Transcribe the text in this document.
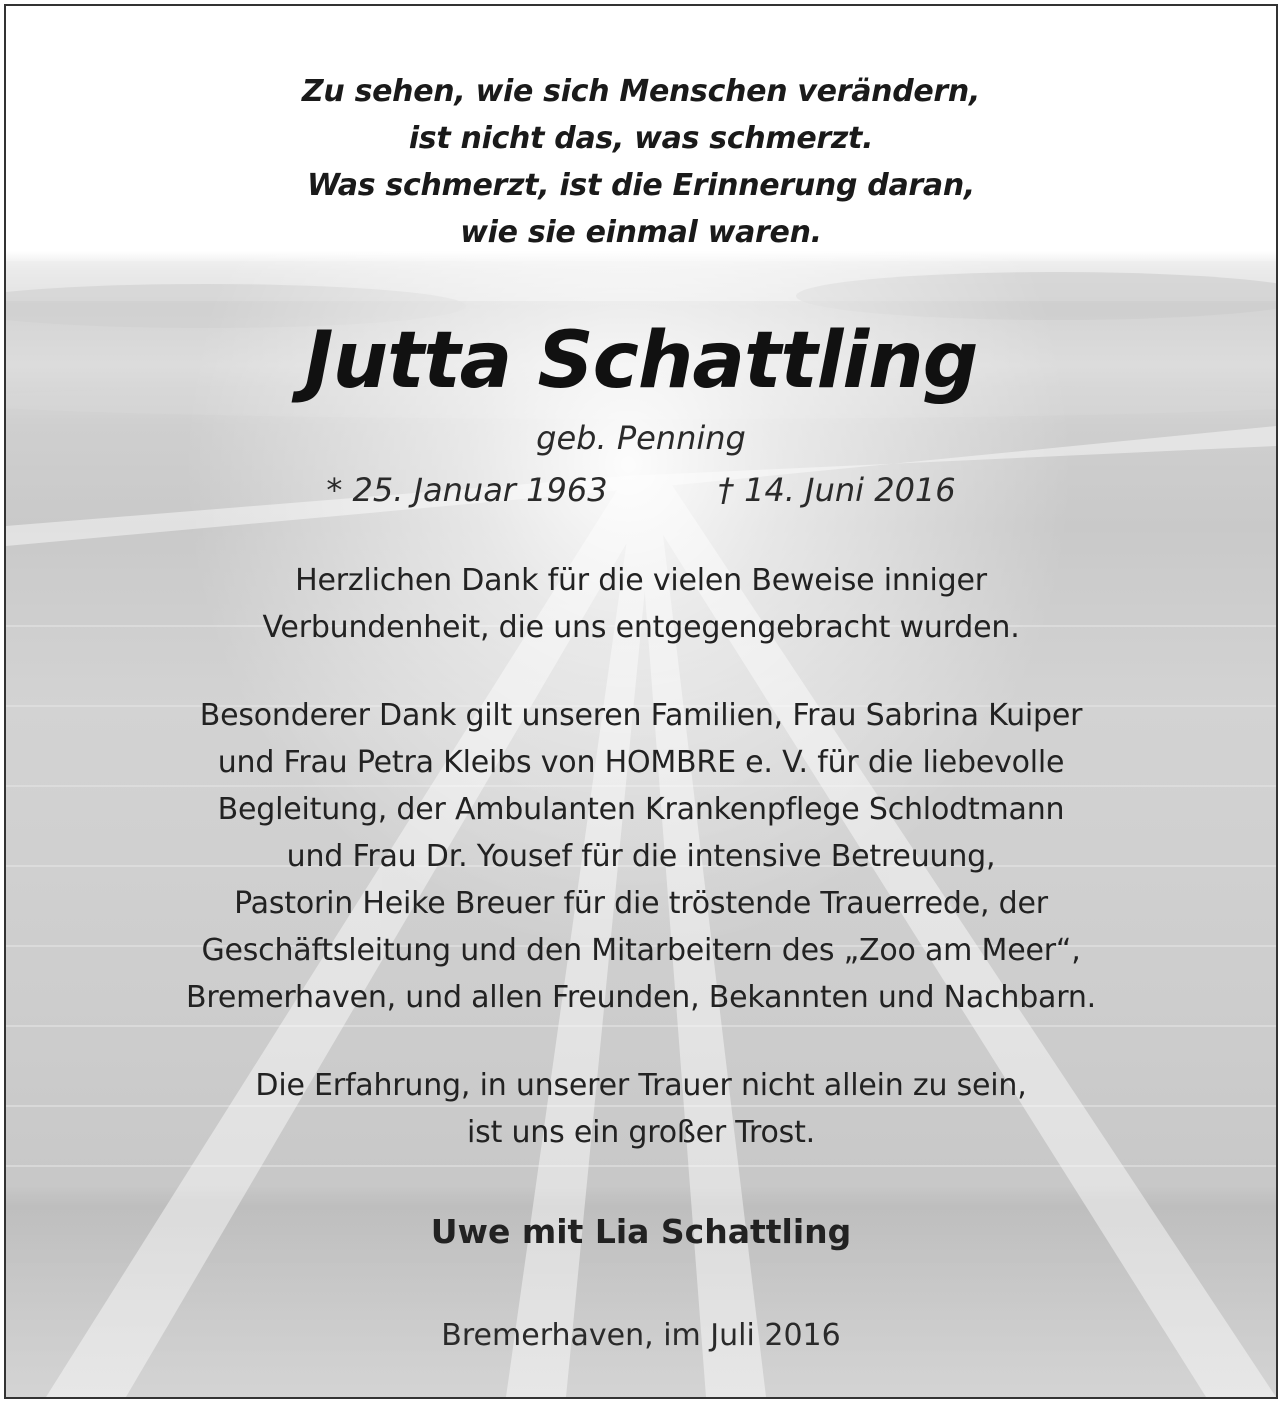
Zu sehen, wie sich Menschen verändern,
ist nicht das, was schmerzt.
Was schmerzt, ist die Erinnerung daran,
wie sie einmal waren.
Jutta Schattling
geb. Penning
* 25. Januar 1963	† 14. Juni 2016
Herzlichen Dank für die vielen Beweise inniger
Verbundenheit, die uns entgegengebracht wurden.
Besonderer Dank gilt unseren Familien, Frau Sabrina Kuiper
und Frau Petra Kleibs von HOMBRE e. V. für die liebevolle
Begleitung, der Ambulanten Krankenpflege Schlodtmann
und Frau Dr. Yousef für die intensive Betreuung,
Pastorin Heike Breuer für die tröstende Trauerrede, der
Geschäftsleitung und den Mitarbeitern des „Zoo am Meer“,
Bremerhaven, und allen Freunden, Bekannten und Nachbarn.
Die Erfahrung, in unserer Trauer nicht allein zu sein,
ist uns ein großer Trost.
Uwe mit Lia Schattling
Bremerhaven, im Juli 2016
